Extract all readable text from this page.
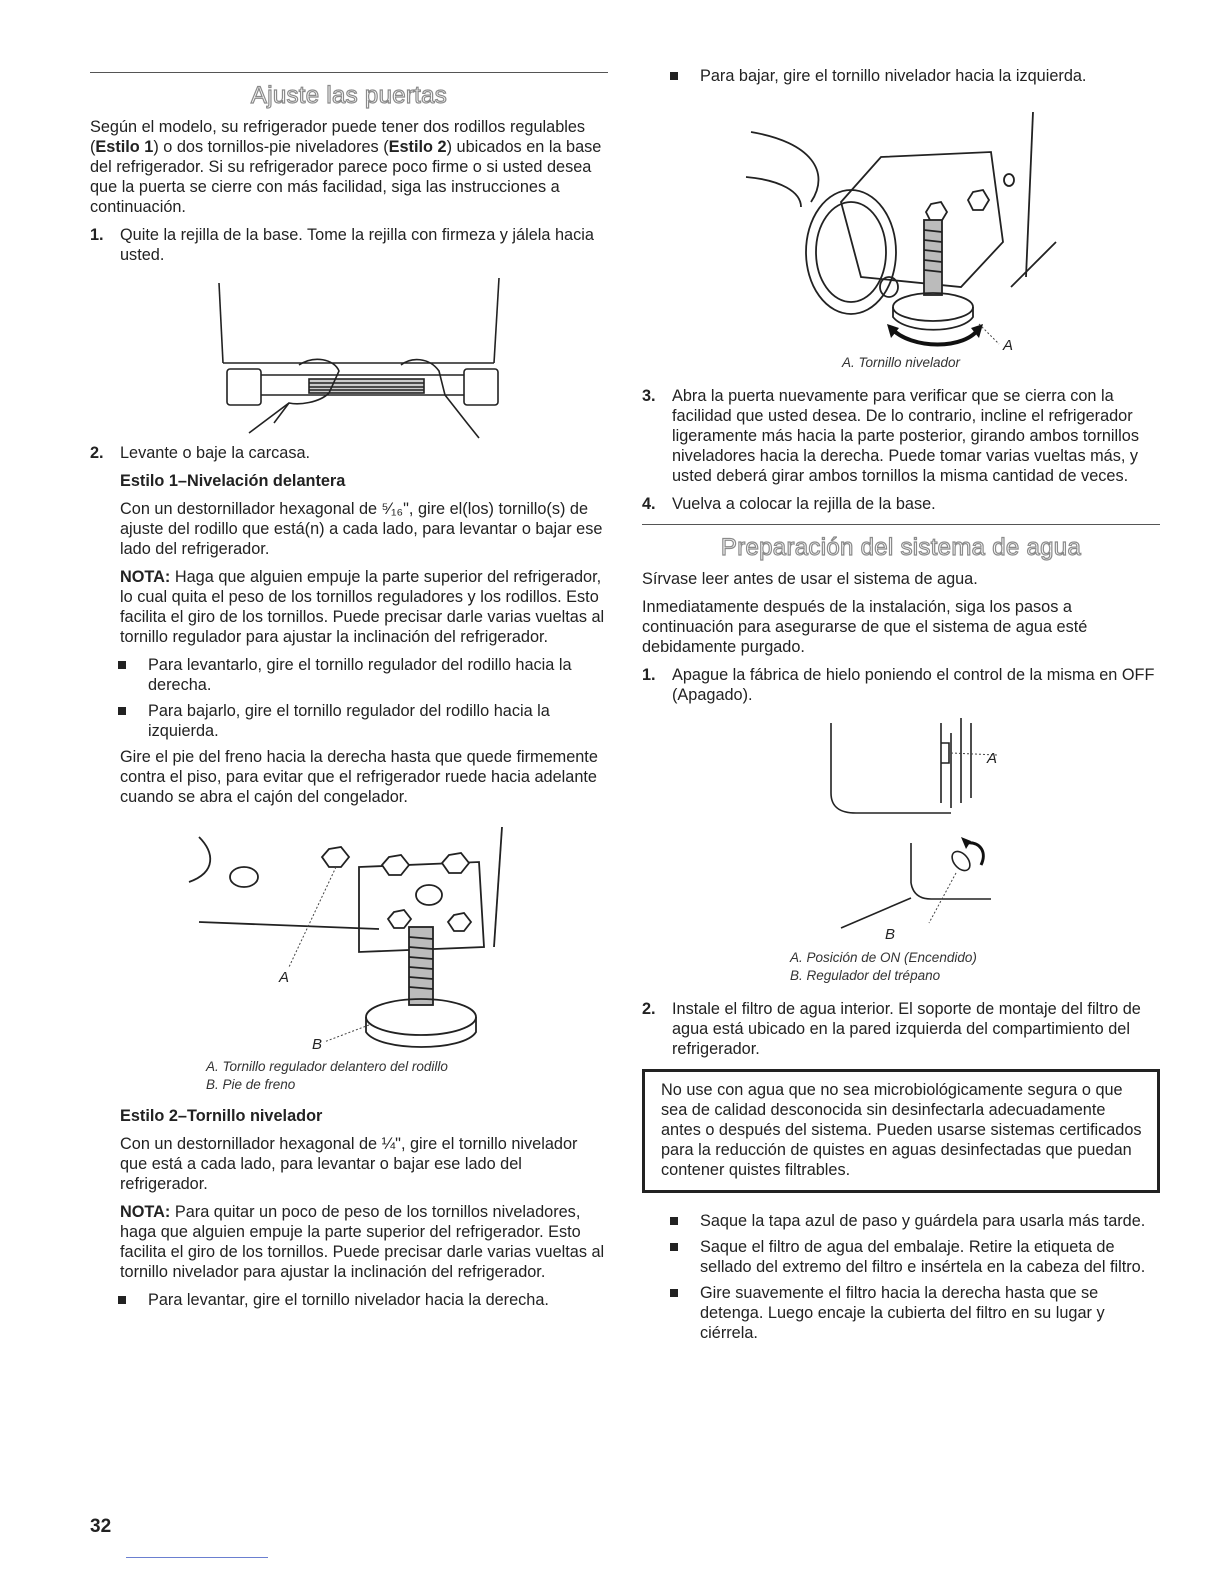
Ajuste las puertas

Según el modelo, su refrigerador puede tener dos rodillos regulables (Estilo 1) o dos tornillos-pie niveladores (Estilo 2) ubicados en la base del refrigerador. Si su refrigerador parece poco firme o si usted desea que la puerta se cierre con más facilidad, siga las instrucciones a continuación.

1.	Quite la rejilla de la base. Tome la rejilla con firmeza y jálela hacia usted.
2.	Levante o baje la carcasa.
Estilo 1–Nivelación delantera

Con un destornillador hexagonal de ⁵⁄₁₆", gire el(los) tornillo(s) de ajuste del rodillo que está(n) a cada lado, para levantar o bajar ese lado del refrigerador.

NOTA: Haga que alguien empuje la parte superior del refrigerador, lo cual quita el peso de los tornillos reguladores y los rodillos. Esto facilita el giro de los tornillos. Puede precisar darle varias vueltas al tornillo regulador para ajustar la inclinación del refrigerador.

Para levantarlo, gire el tornillo regulador del rodillo hacia la derecha.
Para bajarlo, gire el tornillo regulador del rodillo hacia la izquierda.

Gire el pie del freno hacia la derecha hasta que quede firmemente contra el piso, para evitar que el refrigerador ruede hacia adelante cuando se abra el cajón del congelador.

A
B
A. Tornillo regulador delantero del rodillo
B. Pie de freno
Estilo 2–Tornillo nivelador

Con un destornillador hexagonal de ¼", gire el tornillo nivelador que está a cada lado, para levantar o bajar ese lado del refrigerador.

NOTA: Para quitar un poco de peso de los tornillos niveladores, haga que alguien empuje la parte superior del refrigerador. Esto facilita el giro de los tornillos. Puede precisar darle varias vueltas al tornillo nivelador para ajustar la inclinación del refrigerador.

Para levantar, gire el tornillo nivelador hacia la derecha.
Para bajar, gire el tornillo nivelador hacia la izquierda.
A
A. Tornillo nivelador
3.	Abra la puerta nuevamente para verificar que se cierra con la facilidad que usted desea. De lo contrario, incline el refrigerador ligeramente más hacia la parte posterior, girando ambos tornillos niveladores hacia la derecha. Puede tomar varias vueltas más, y usted deberá girar ambos tornillos la misma cantidad de veces.
4.	Vuelva a colocar la rejilla de la base.
Preparación del sistema de agua

Sírvase leer antes de usar el sistema de agua.

Inmediatamente después de la instalación, siga los pasos a continuación para asegurarse de que el sistema de agua esté debidamente purgado.

1.	Apague la fábrica de hielo poniendo el control de la misma en OFF (Apagado).
A
B
A. Posición de ON (Encendido)
B. Regulador del trépano
2.	Instale el filtro de agua interior. El soporte de montaje del filtro de agua está ubicado en la pared izquierda del compartimiento del refrigerador.
No use con agua que no sea microbiológicamente segura o que sea de calidad desconocida sin desinfectarla adecuadamente antes o después del sistema. Pueden usarse sistemas certificados para la reducción de quistes en aguas desinfectadas que puedan contener quistes filtrables.
Saque la tapa azul de paso y guárdela para usarla más tarde.
Saque el filtro de agua del embalaje. Retire la etiqueta de sellado del extremo del filtro e insértela en la cabeza del filtro.
Gire suavemente el filtro hacia la derecha hasta que se detenga. Luego encaje la cubierta del filtro en su lugar y ciérrela.
32
